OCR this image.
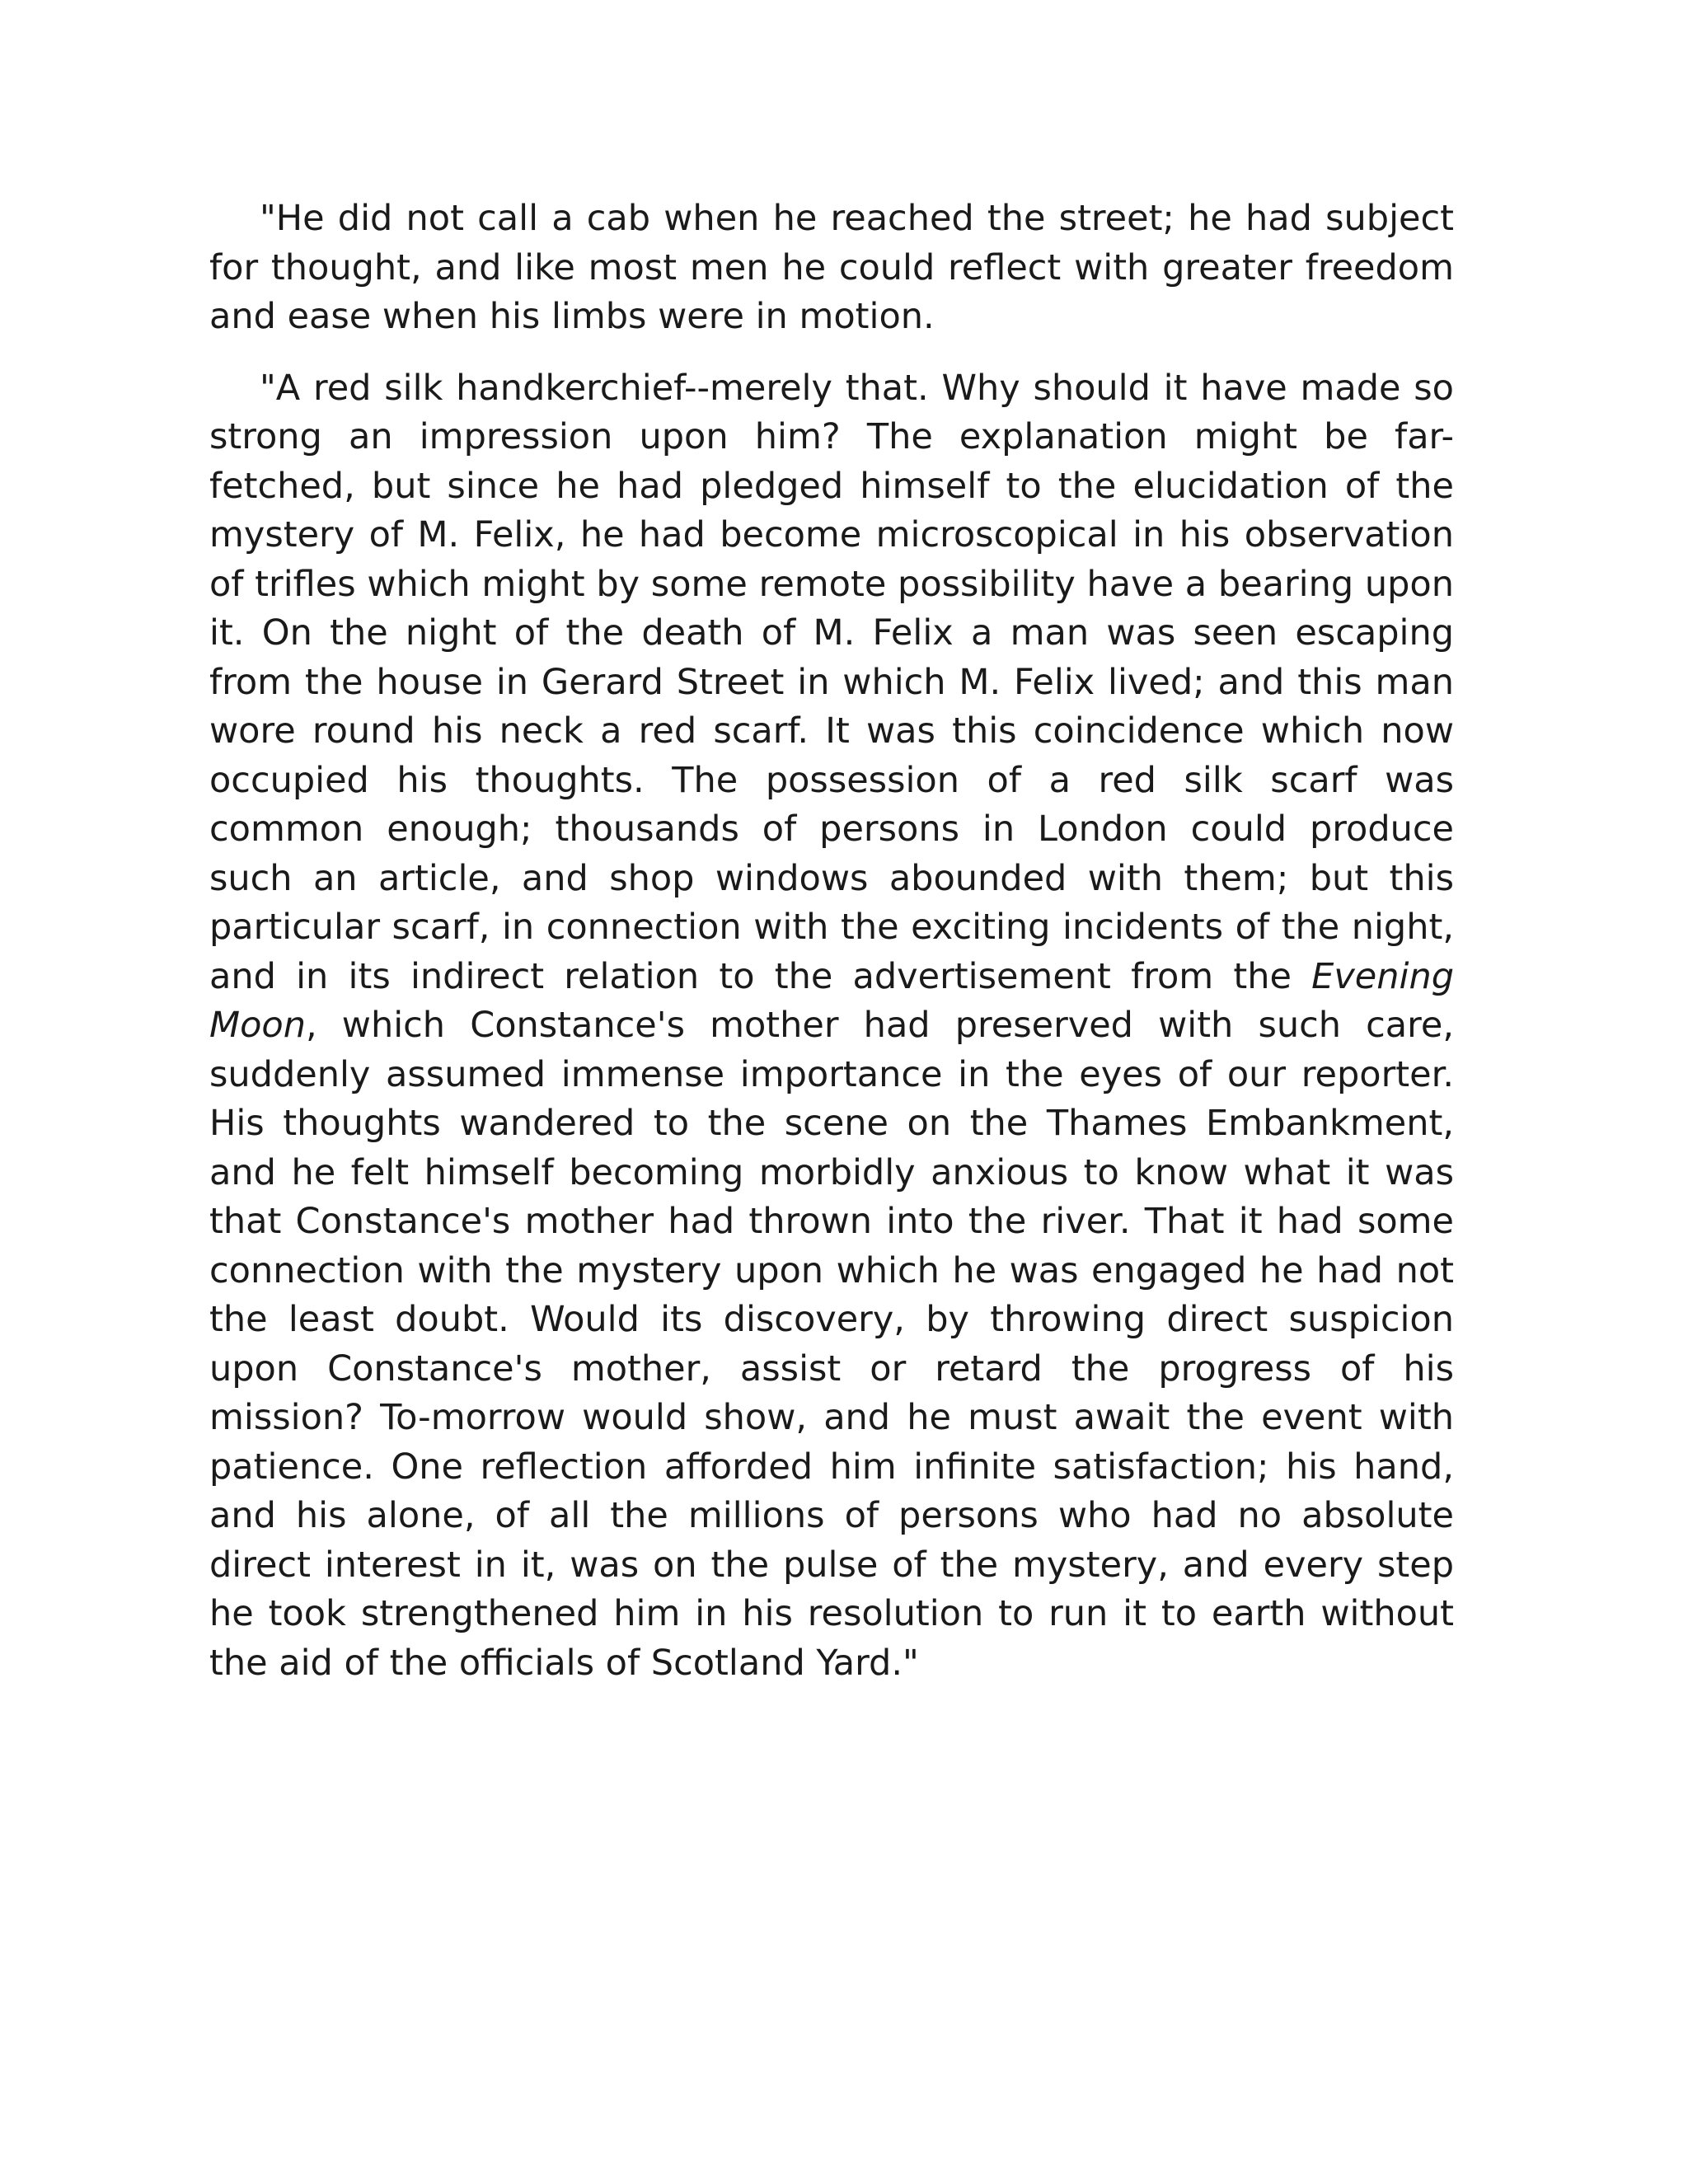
"He did not call a cab when he reached the street; he had subject for thought, and like most men he could reflect with greater freedom and ease when his limbs were in motion.

"A red silk handkerchief--merely that. Why should it have made so strong an impression upon him? The explanation might be far-fetched, but since he had pledged himself to the elucidation of the mystery of M. Felix, he had become microscopical in his observation of trifles which might by some remote possibility have a bearing upon it. On the night of the death of M. Felix a man was seen escaping from the house in Gerard Street in which M. Felix lived; and this man wore round his neck a red scarf. It was this coincidence which now occupied his thoughts. The possession of a red silk scarf was common enough; thousands of persons in London could produce such an article, and shop windows abounded with them; but this particular scarf, in connection with the exciting incidents of the night, and in its indirect relation to the advertisement from the Evening Moon, which Constance's mother had preserved with such care, suddenly assumed immense importance in the eyes of our reporter. His thoughts wandered to the scene on the Thames Embankment, and he felt himself becoming morbidly anxious to know what it was that Constance's mother had thrown into the river. That it had some connection with the mystery upon which he was engaged he had not the least doubt. Would its discovery, by throwing direct suspicion upon Constance's mother, assist or retard the progress of his mission? To-morrow would show, and he must await the event with patience. One reflection afforded him infinite satisfaction; his hand, and his alone, of all the millions of persons who had no absolute direct interest in it, was on the pulse of the mystery, and every step he took strengthened him in his resolution to run it to earth without the aid of the officials of Scotland Yard."
